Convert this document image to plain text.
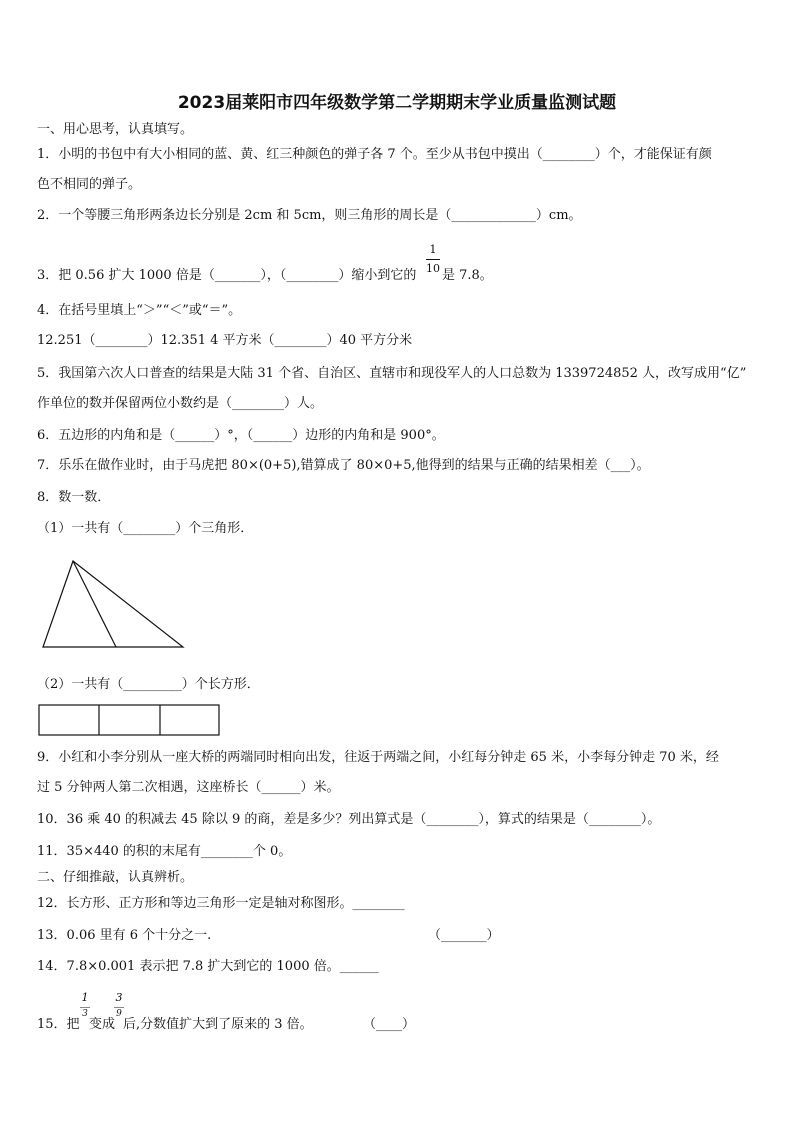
2023届莱阳市四年级数学第二学期期末学业质量监测试题
一、用心思考，认真填写。
1．小明的书包中有大小相同的蓝、黄、红三种颜色的弹子各 7 个。至少从书包中摸出（________）个，才能保证有颜
色不相同的弹子。
2．一个等腰三角形两条边长分别是 2cm 和 5cm，则三角形的周长是（_____________）cm。
3．把 0.56 扩大 1000 倍是（_______），（________）缩小到它的
1
10 是 7.8。
4．在括号里填上“＞”“＜”或“＝”。
12.251（________）12.351 4 平方米（________）40 平方分米
5．我国第六次人口普查的结果是大陆 31 个省、自治区、直辖市和现役军人的人口总数为 1339724852 人，改写成用“亿”
作单位的数并保留两位小数约是（________）人。
6．五边形的内角和是（______）°，（______）边形的内角和是 900°。
7．乐乐在做作业时，由于马虎把 80×(0+5),错算成了 80×0+5,他得到的结果与正确的结果相差（___）。
8．数一数．
（1）一共有（________）个三角形．
（2）一共有（_________）个长方形．
9．小红和小李分别从一座大桥的两端同时相向出发，往返于两端之间，小红每分钟走 65 米，小李每分钟走 70 米，经
过 5 分钟两人第二次相遇，这座桥长（______）米。
10．36 乘 40 的积减去 45 除以 9 的商，差是多少？列出算式是（________），算式的结果是（________）。
11．35×440 的积的末尾有________个 0。
二、仔细推敲，认真辨析。
12．长方形、正方形和等边三角形一定是轴对称图形。________
13．0.06 里有 6 个十分之一.	（_______）
14．7.8×0.001 表示把 7.8 扩大到它的 1000 倍。______
15．把
1
3
变成
3
9
后,分数值扩大到了原来的 3 倍。	（____）
